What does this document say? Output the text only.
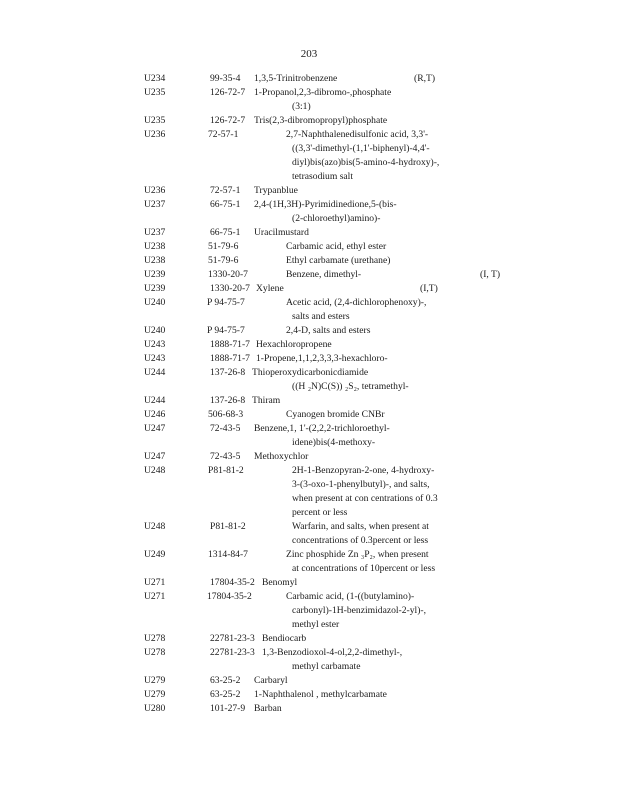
203
U234	99-35-4 1,3,5-Trinitrobenzene	(R,T)
U235	126-72-7 1-Propanol,2,3-dibromo-,phosphate
(3:1)
U235	126-72-7 Tris(2,3-dibromopropyl)phosphate
U236	72-57-1	2,7-Naphthalenedisulfonic acid, 3,3'-
((3,3'-dimethyl-(1,1'-biphenyl)-4,4'-
diyl)bis(azo)bis(5-amino-4-hydroxy)-,
tetrasodium salt
U236	72-57-1 Trypanblue
U237	66-75-1 2,4-(1H,3H)-Pyrimidinedione,5-(bis-
(2-chloroethyl)amino)-
U237	66-75-1 Uracilmustard
U238	51-79-6	Carbamic acid, ethyl ester
U238	51-79-6	Ethyl carbamate (urethane)
U239	1330-20-7	Benzene, dimethyl-	(I, T)
U239	1330-20-7 Xylene	(I,T)
U240	P 94-75-7	Acetic acid, (2,4-dichlorophenoxy)-,
salts and esters
U240	P 94-75-7	2,4-D, salts and esters
U243	1888-71-7 Hexachloropropene
U243	1888-71-7 1-Propene,1,1,2,3,3,3-hexachloro-
U244	137-26-8 Thioperoxydicarbonicdiamide
((H ₂N)C(S)) ₂S₂, tetramethyl-
U244	137-26-8 Thiram
U246	506-68-3	Cyanogen bromide CNBr
U247	72-43-5 Benzene,1, 1'-(2,2,2-trichloroethyl-
idene)bis(4-methoxy-
U247	72-43-5 Methoxychlor
U248	P81-81-2	2H-1-Benzopyran-2-one, 4-hydroxy-
3-(3-oxo-1-phenylbutyl)-, and salts,
when present at con centrations of 0.3
percent or less
U248	P81-81-2	Warfarin, and salts, when present at
concentrations of 0.3percent or less
U249	1314-84-7	Zinc phosphide Zn ₃P₂, when present
at concentrations of 10percent or less
U271	17804-35-2 Benomyl
U271	17804-35-2	Carbamic acid, (1-((butylamino)-
carbonyl)-1H-benzimidazol-2-yl)-,
methyl ester
U278	22781-23-3 Bendiocarb
U278	22781-23-3 1,3-Benzodioxol-4-ol,2,2-dimethyl-,
methyl carbamate
U279	63-25-2 Carbaryl
U279	63-25-2 1-Naphthalenol , methylcarbamate
U280	101-27-9 Barban
